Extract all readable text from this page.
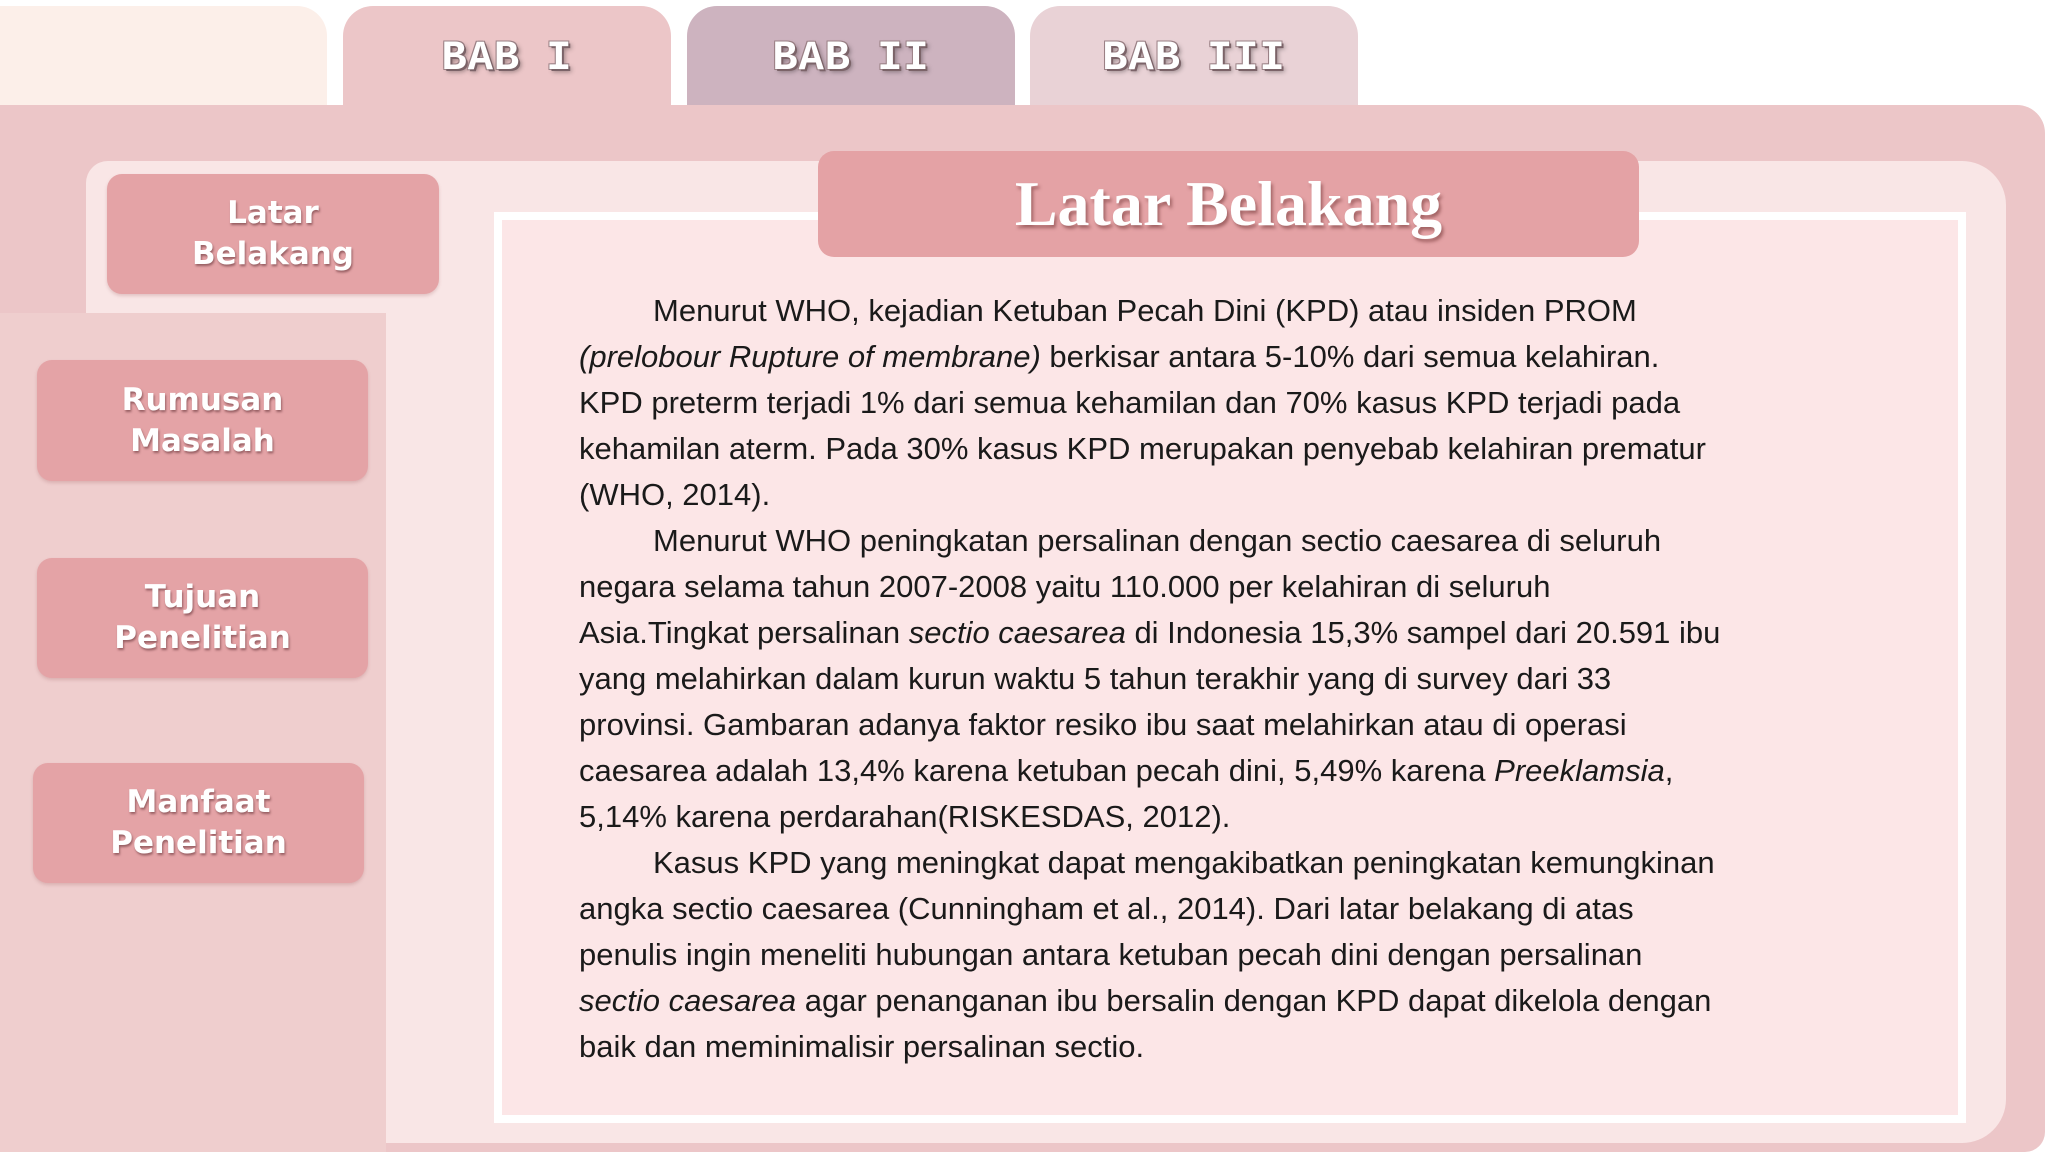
BAB I	BAB II	BAB III
Latar
Belakang
Rumusan
Masalah
Tujuan
Penelitian
Manfaat
Penelitian
Latar Belakang
Menurut WHO, kejadian Ketuban Pecah Dini (KPD) atau insiden PROM
(prelobour Rupture of membrane) berkisar antara 5-10% dari semua kelahiran.
KPD preterm terjadi 1% dari semua kehamilan dan 70% kasus KPD terjadi pada
kehamilan aterm. Pada 30% kasus KPD merupakan penyebab kelahiran prematur
(WHO, 2014).
Menurut WHO peningkatan persalinan dengan sectio caesarea di seluruh
negara selama tahun 2007-2008 yaitu 110.000 per kelahiran di seluruh
Asia.Tingkat persalinan sectio caesarea di Indonesia 15,3% sampel dari 20.591 ibu
yang melahirkan dalam kurun waktu 5 tahun terakhir yang di survey dari 33
provinsi. Gambaran adanya faktor resiko ibu saat melahirkan atau di operasi
caesarea adalah 13,4% karena ketuban pecah dini, 5,49% karena Preeklamsia,
5,14% karena perdarahan(RISKESDAS, 2012).
Kasus KPD yang meningkat dapat mengakibatkan peningkatan kemungkinan
angka sectio caesarea (Cunningham et al., 2014). Dari latar belakang di atas
penulis ingin meneliti hubungan antara ketuban pecah dini dengan persalinan
sectio caesarea agar penanganan ibu bersalin dengan KPD dapat dikelola dengan
baik dan meminimalisir persalinan sectio.
